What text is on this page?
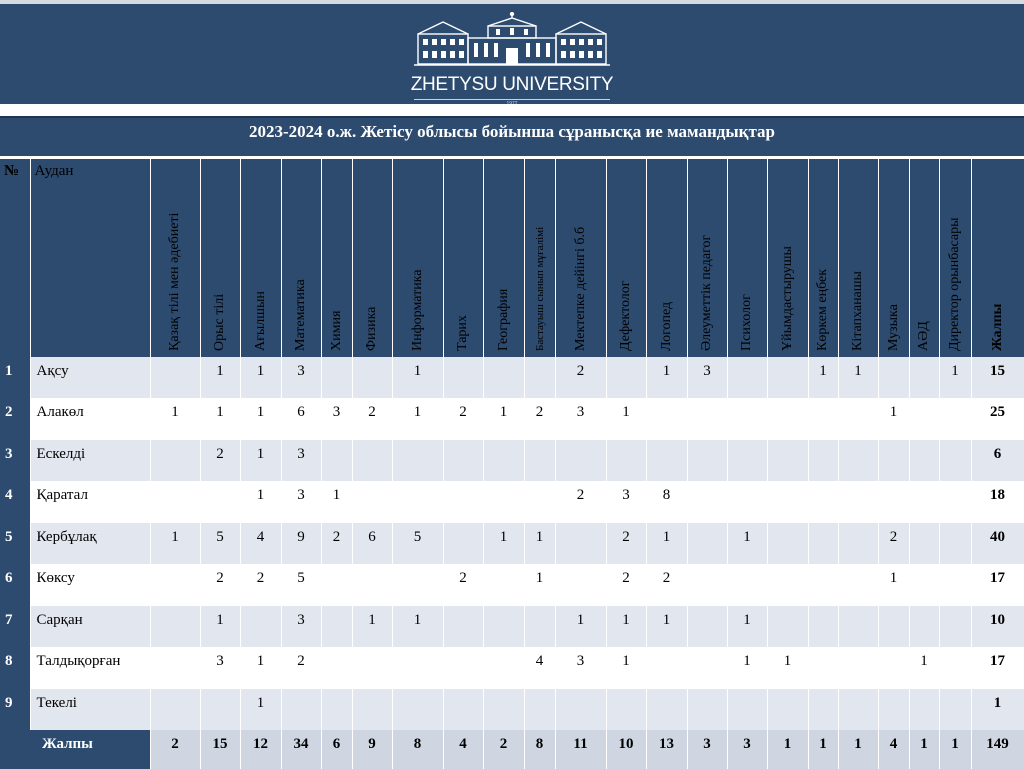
ZHETYSU UNIVERSITY
2023-2024 о.ж. Жетісу облысы бойынша сұранысқа ие мамандықтар
№	Аудан	Қазақ тілі мен әдебиеті	Орыс тілі	Ағылшын	Математика	Химия	Физика	Информатика	Тарих	География	Бастауыш сынып мұғалімі	Мектепке дейінгі б.б	Дефектолог	Логопед	Әлеуметтік педагог	Психолог	Ұйымдастырушы	Көркем еңбек	Кітапханашы	Музыка	АӘД	Директор орынбасары	Жалпы

1	Ақсу		1	1	3			1				2		1	3			1	1			1	15
2	Алакөл	1	1	1	6	3	2	1	2	1	2	3	1							1			25
3	Ескелді		2	1	3																		6
4	Қаратал			1	3	1						2	3	8									18
5	Кербұлақ	1	5	4	9	2	6	5		1	1		2	1		1				2			40
6	Көксу		2	2	5				2		1		2	2						1			17
7	Сарқан		1		3		1	1				1	1	1		1							10
8	Талдықорған		3	1	2						4	3	1			1	1				1		17
9	Текелі			1																			1
Жалпы		2	15	12	34	6	9	8	4	2	8	11	10	13	3	3	1	1	1	4	1	1	149
